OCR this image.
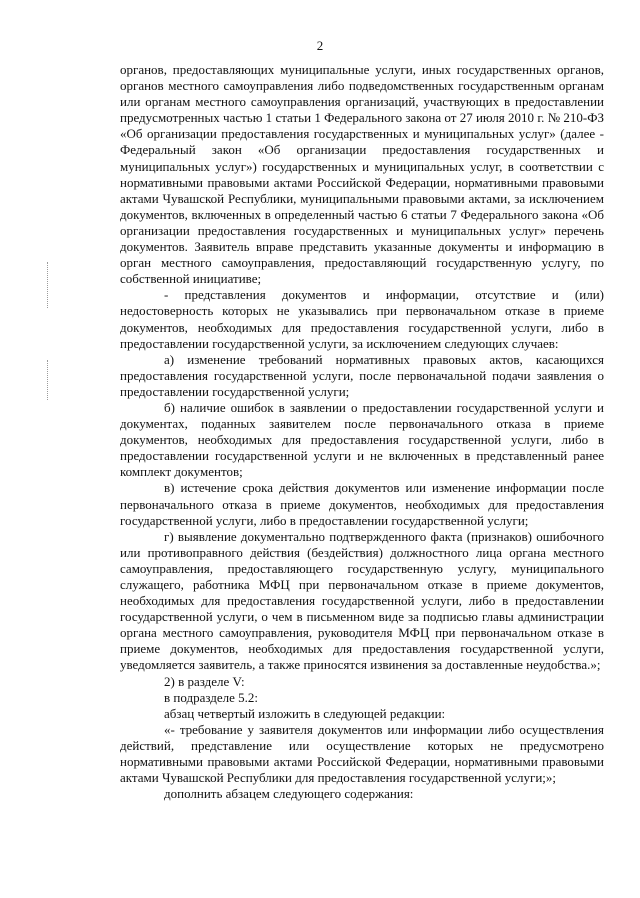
2

органов, предоставляющих муниципальные услуги, иных государственных органов, органов местного самоуправления либо подведомственных государственным органам или органам местного самоуправления организаций, участвующих в предоставлении предусмотренных частью 1 статьи 1 Федерального закона от 27 июля 2010 г. № 210-ФЗ «Об организации предоставления государственных и муниципальных услуг» (далее - Федеральный закон «Об организации предоставления государственных и муниципальных услуг») государственных и муниципальных услуг, в соответствии с нормативными правовыми актами Российской Федерации, нормативными правовыми актами Чувашской Республики, муниципальными правовыми актами, за исключением документов, включенных в определенный частью 6 статьи 7 Федерального закона «Об организации предоставления государственных и муниципальных услуг» перечень документов. Заявитель вправе представить указанные документы и информацию в орган местного самоуправления, предоставляющий государственную услугу, по собственной инициативе;

- представления документов и информации, отсутствие и (или) недостоверность которых не указывались при первоначальном отказе в приеме документов, необходимых для предоставления государственной услуги, либо в предоставлении государственной услуги, за исключением следующих случаев:

а) изменение требований нормативных правовых актов, касающихся предоставления государственной услуги, после первоначальной подачи заявления о предоставлении государственной услуги;

б) наличие ошибок в заявлении о предоставлении государственной услуги и документах, поданных заявителем после первоначального отказа в приеме документов, необходимых для предоставления государственной услуги, либо в предоставлении государственной услуги и не включенных в представленный ранее комплект документов;

в) истечение срока действия документов или изменение информации после первоначального отказа в приеме документов, необходимых для предоставления государственной услуги, либо в предоставлении государственной услуги;

г) выявление документально подтвержденного факта (признаков) ошибочного или противоправного действия (бездействия) должностного лица органа местного самоуправления, предоставляющего государственную услугу, муниципального служащего, работника МФЦ при первоначальном отказе в приеме документов, необходимых для предоставления государственной услуги, либо в предоставлении государственной услуги, о чем в письменном виде за подписью главы администрации органа местного самоуправления, руководителя МФЦ при первоначальном отказе в приеме документов, необходимых для предоставления государственной услуги, уведомляется заявитель, а также приносятся извинения за доставленные неудобства.»;

2) в разделе V:

в подразделе 5.2:

абзац четвертый изложить в следующей редакции:

«- требование у заявителя документов или информации либо осуществления действий, представление или осуществление которых не предусмотрено нормативными правовыми актами Российской Федерации, нормативными правовыми актами Чувашской Республики для предоставления государственной услуги;»;

дополнить абзацем следующего содержания:
